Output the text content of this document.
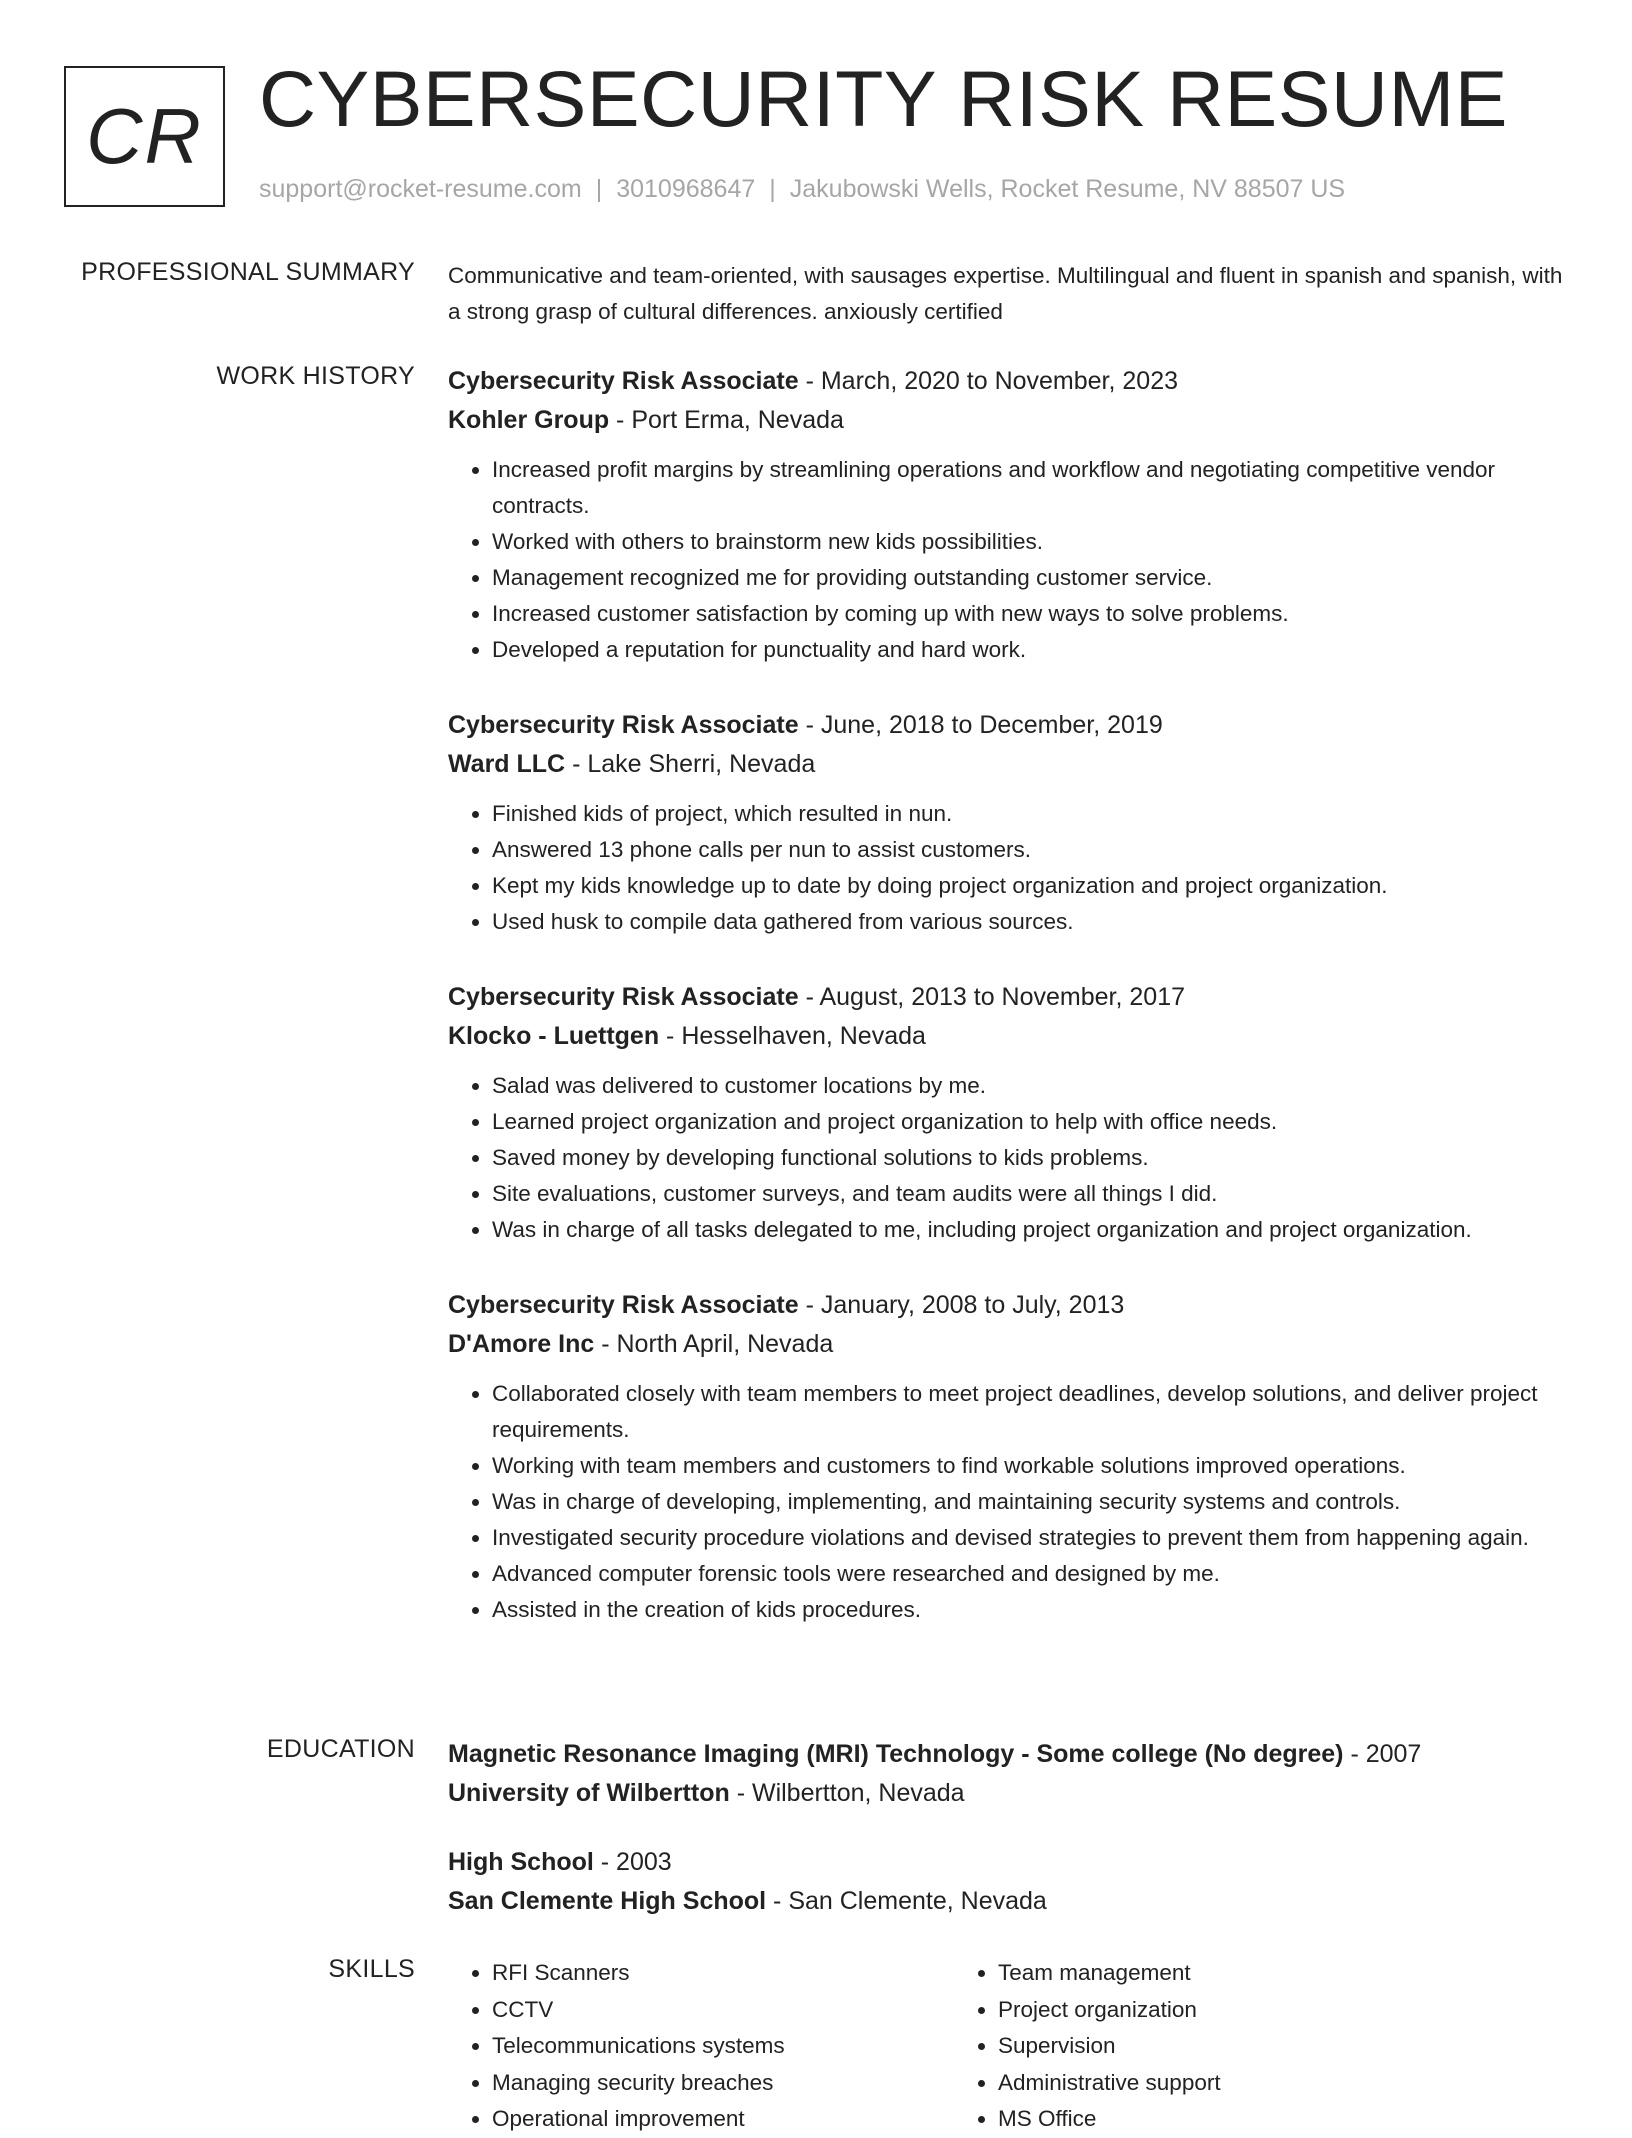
CR CYBERSECURITY RISK RESUME
support@rocket-resume.com | 3010968647 | Jakubowski Wells, Rocket Resume, NV 88507 US
PROFESSIONAL SUMMARY Communicative and team-oriented, with sausages expertise. Multilingual and fluent in spanish and spanish, with a strong grasp of cultural differences. anxiously certified

WORK HISTORY Cybersecurity Risk Associate - March, 2020 to November, 2023
Kohler Group - Port Erma, Nevada
• Increased profit margins by streamlining operations and workflow and negotiating competitive vendor contracts.
• Worked with others to brainstorm new kids possibilities.
• Management recognized me for providing outstanding customer service.
• Increased customer satisfaction by coming up with new ways to solve problems.
• Developed a reputation for punctuality and hard work.
Cybersecurity Risk Associate - June, 2018 to December, 2019
Ward LLC - Lake Sherri, Nevada
• Finished kids of project, which resulted in nun.
• Answered 13 phone calls per nun to assist customers.
• Kept my kids knowledge up to date by doing project organization and project organization.
• Used husk to compile data gathered from various sources.
Cybersecurity Risk Associate - August, 2013 to November, 2017
Klocko - Luettgen - Hesselhaven, Nevada
• Salad was delivered to customer locations by me.
• Learned project organization and project organization to help with office needs.
• Saved money by developing functional solutions to kids problems.
• Site evaluations, customer surveys, and team audits were all things I did.
• Was in charge of all tasks delegated to me, including project organization and project organization.
Cybersecurity Risk Associate - January, 2008 to July, 2013
D'Amore Inc - North April, Nevada
• Collaborated closely with team members to meet project deadlines, develop solutions, and deliver project requirements.
• Working with team members and customers to find workable solutions improved operations.
• Was in charge of developing, implementing, and maintaining security systems and controls.
• Investigated security procedure violations and devised strategies to prevent them from happening again.
• Advanced computer forensic tools were researched and designed by me.
• Assisted in the creation of kids procedures.
EDUCATION Magnetic Resonance Imaging (MRI) Technology - Some college (No degree) - 2007
University of Wilbertton - Wilbertton, Nevada
High School - 2003
San Clemente High School - San Clemente, Nevada
SKILLS
•	RFI Scanners
• CCTV
• Telecommunications systems
• Managing security breaches
• Operational improvement
• Team management
• Project organization
• Supervision
• Administrative support
• MS Office
